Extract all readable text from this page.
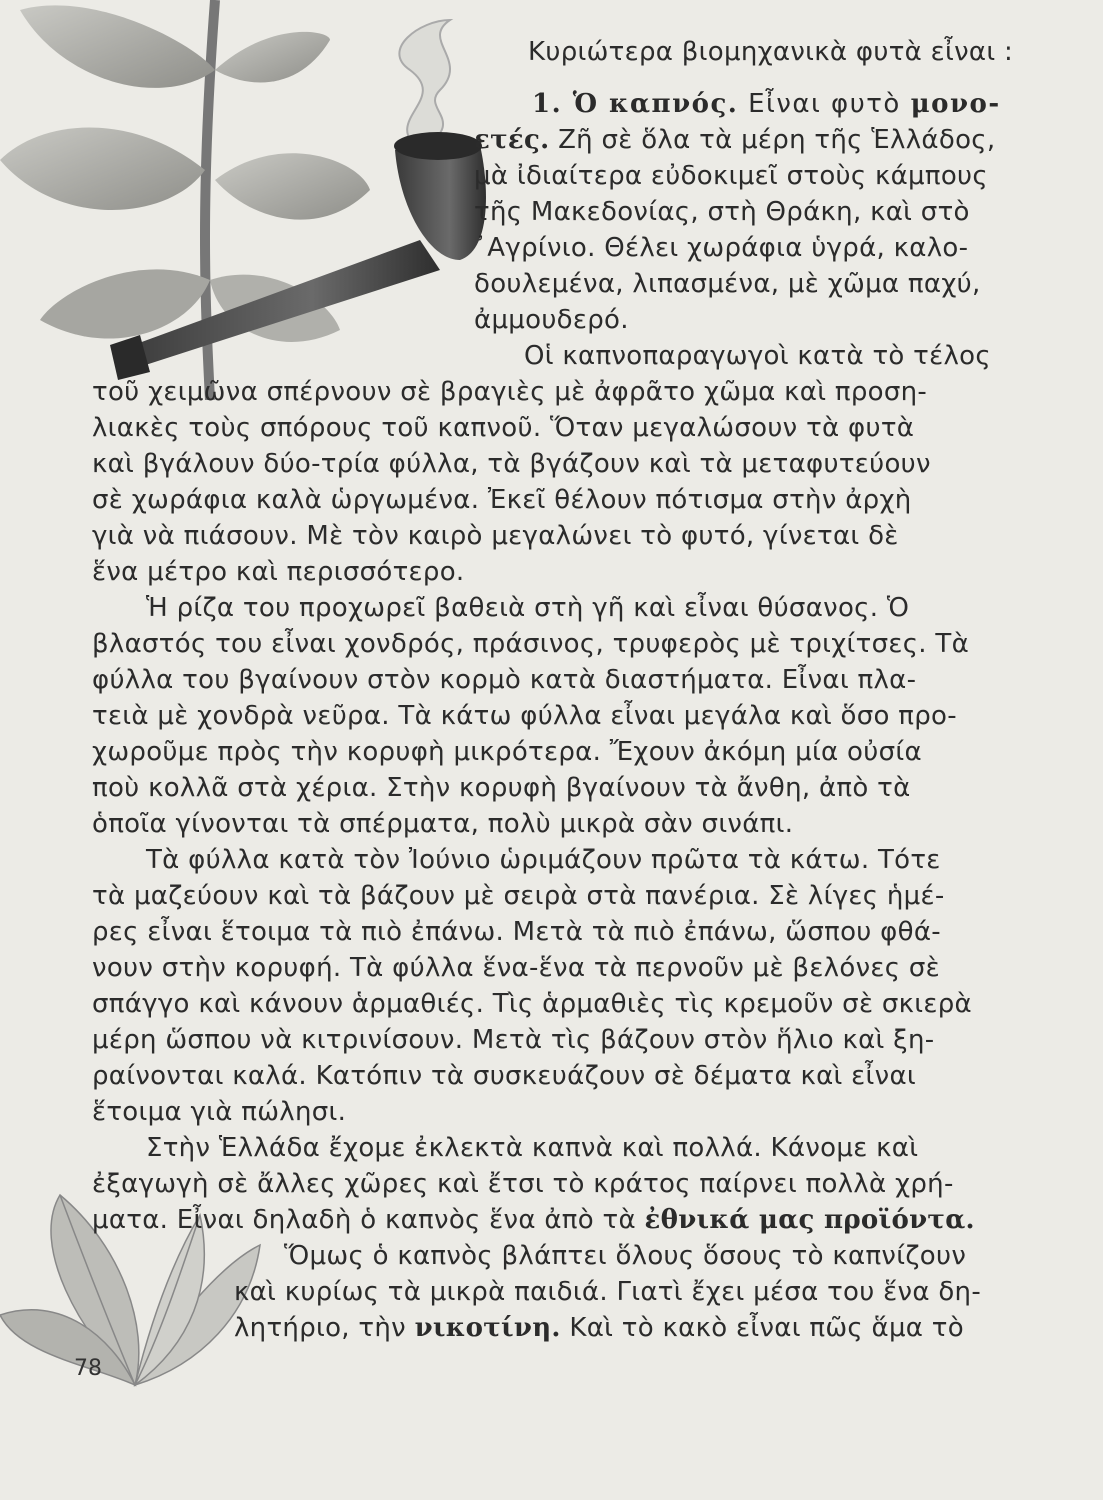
Κυριώτερα βιομηχανικὰ φυτὰ εἶναι :
1. Ὁ καπνός. Εἶναι φυτὸ μονο-
ετές. Ζῆ σὲ ὅλα τὰ μέρη τῆς Ἑλλάδος,
μὰ ἰδιαίτερα εὐδοκιμεῖ στοὺς κάμπους
τῆς Μακεδονίας, στὴ Θράκη, καὶ στὸ
᾿Αγρίνιο. Θέλει χωράφια ὑγρά, καλο-
δουλεμένα, λιπασμένα, μὲ χῶμα παχύ,
ἀμμουδερό.
Οἱ καπνοπαραγωγοὶ κατὰ τὸ τέλος
τοῦ χειμῶνα σπέρνουν σὲ βραγιὲς μὲ ἀφρᾶτο χῶμα καὶ προση-
λιακὲς τοὺς σπόρους τοῦ καπνοῦ. Ὅταν μεγαλώσουν τὰ φυτὰ
καὶ βγάλουν δύο-τρία φύλλα, τὰ βγάζουν καὶ τὰ μεταφυτεύουν
σὲ χωράφια καλὰ ὡργωμένα. Ἐκεῖ θέλουν πότισμα στὴν ἀρχὴ
γιὰ νὰ πιάσουν. Μὲ τὸν καιρὸ μεγαλώνει τὸ φυτό, γίνεται δὲ
ἕνα μέτρο καὶ περισσότερο.
Ἡ ρίζα του προχωρεῖ βαθειὰ στὴ γῆ καὶ εἶναι θύσανος. Ὁ
βλαστός του εἶναι χονδρός, πράσινος, τρυφερὸς μὲ τριχίτσες. Τὰ
φύλλα του βγαίνουν στὸν κορμὸ κατὰ διαστήματα. Εἶναι πλα-
τειὰ μὲ χονδρὰ νεῦρα. Τὰ κάτω φύλλα εἶναι μεγάλα καὶ ὅσο προ-
χωροῦμε πρὸς τὴν κορυφὴ μικρότερα. Ἔχουν ἀκόμη μία οὐσία
ποὺ κολλᾶ στὰ χέρια. Στὴν κορυφὴ βγαίνουν τὰ ἄνθη, ἀπὸ τὰ
ὁποῖα γίνονται τὰ σπέρματα, πολὺ μικρὰ σὰν σινάπι.
Τὰ φύλλα κατὰ τὸν Ἰούνιο ὡριμάζουν πρῶτα τὰ κάτω. Τότε
τὰ μαζεύουν καὶ τὰ βάζουν μὲ σειρὰ στὰ πανέρια. Σὲ λίγες ἡμέ-
ρες εἶναι ἕτοιμα τὰ πιὸ ἐπάνω. Μετὰ τὰ πιὸ ἐπάνω, ὥσπου φθά-
νουν στὴν κορυφή. Τὰ φύλλα ἕνα-ἕνα τὰ περνοῦν μὲ βελόνες σὲ
σπάγγο καὶ κάνουν ἁρμαθιές. Τὶς ἁρμαθιὲς τὶς κρεμοῦν σὲ σκιερὰ
μέρη ὥσπου νὰ κιτρινίσουν. Μετὰ τὶς βάζουν στὸν ἥλιο καὶ ξη-
ραίνονται καλά. Κατόπιν τὰ συσκευάζουν σὲ δέματα καὶ εἶναι
ἕτοιμα γιὰ πώλησι.
Στὴν Ἑλλάδα ἔχομε ἐκλεκτὰ καπνὰ καὶ πολλά. Κάνομε καὶ
ἐξαγωγὴ σὲ ἄλλες χῶρες καὶ ἔτσι τὸ κράτος παίρνει πολλὰ χρή-
ματα. Εἶναι δηλαδὴ ὁ καπνὸς ἕνα ἀπὸ τὰ ἐθνικά μας προϊόντα.
Ὅμως ὁ καπνὸς βλάπτει ὅλους ὅσους τὸ καπνίζουν
καὶ κυρίως τὰ μικρὰ παιδιά. Γιατὶ ἔχει μέσα του ἕνα δη-
λητήριο, τὴν νικοτίνη. Καὶ τὸ κακὸ εἶναι πῶς ἅμα τὸ
78
